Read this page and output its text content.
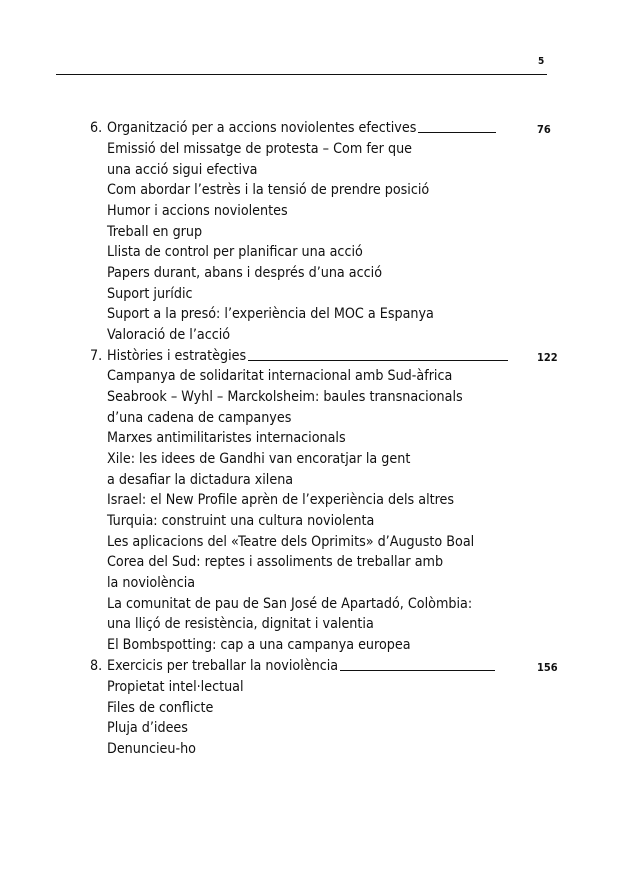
5
6. Organització per a accions noviolentes efectives	76
Emissió del missatge de protesta – Com fer que
una acció sigui efectiva
Com abordar l’estrès i la tensió de prendre posició
Humor i accions noviolentes
Treball en grup
Llista de control per planificar una acció
Papers durant, abans i després d’una acció
Suport jurídic
Suport a la presó: l’experiència del MOC a Espanya
Valoració de l’acció
7. Històries i estratègies	122
Campanya de solidaritat internacional amb Sud-àfrica
Seabrook – Wyhl – Marckolsheim: baules transnacionals
d’una cadena de campanyes
Marxes antimilitaristes internacionals
Xile: les idees de Gandhi van encoratjar la gent
a desafiar la dictadura xilena
Israel: el New Profile aprèn de l’experiència dels altres
Turquia: construint una cultura noviolenta
Les aplicacions del «Teatre dels Oprimits» d’Augusto Boal
Corea del Sud: reptes i assoliments de treballar amb
la noviolència
La comunitat de pau de San José de Apartadó, Colòmbia:
una lliçó de resistència, dignitat i valentia
El Bombspotting: cap a una campanya europea
8. Exercicis per treballar la noviolència	156
Propietat intel·lectual
Files de conflicte
Pluja d’idees
Denunciеu-ho
